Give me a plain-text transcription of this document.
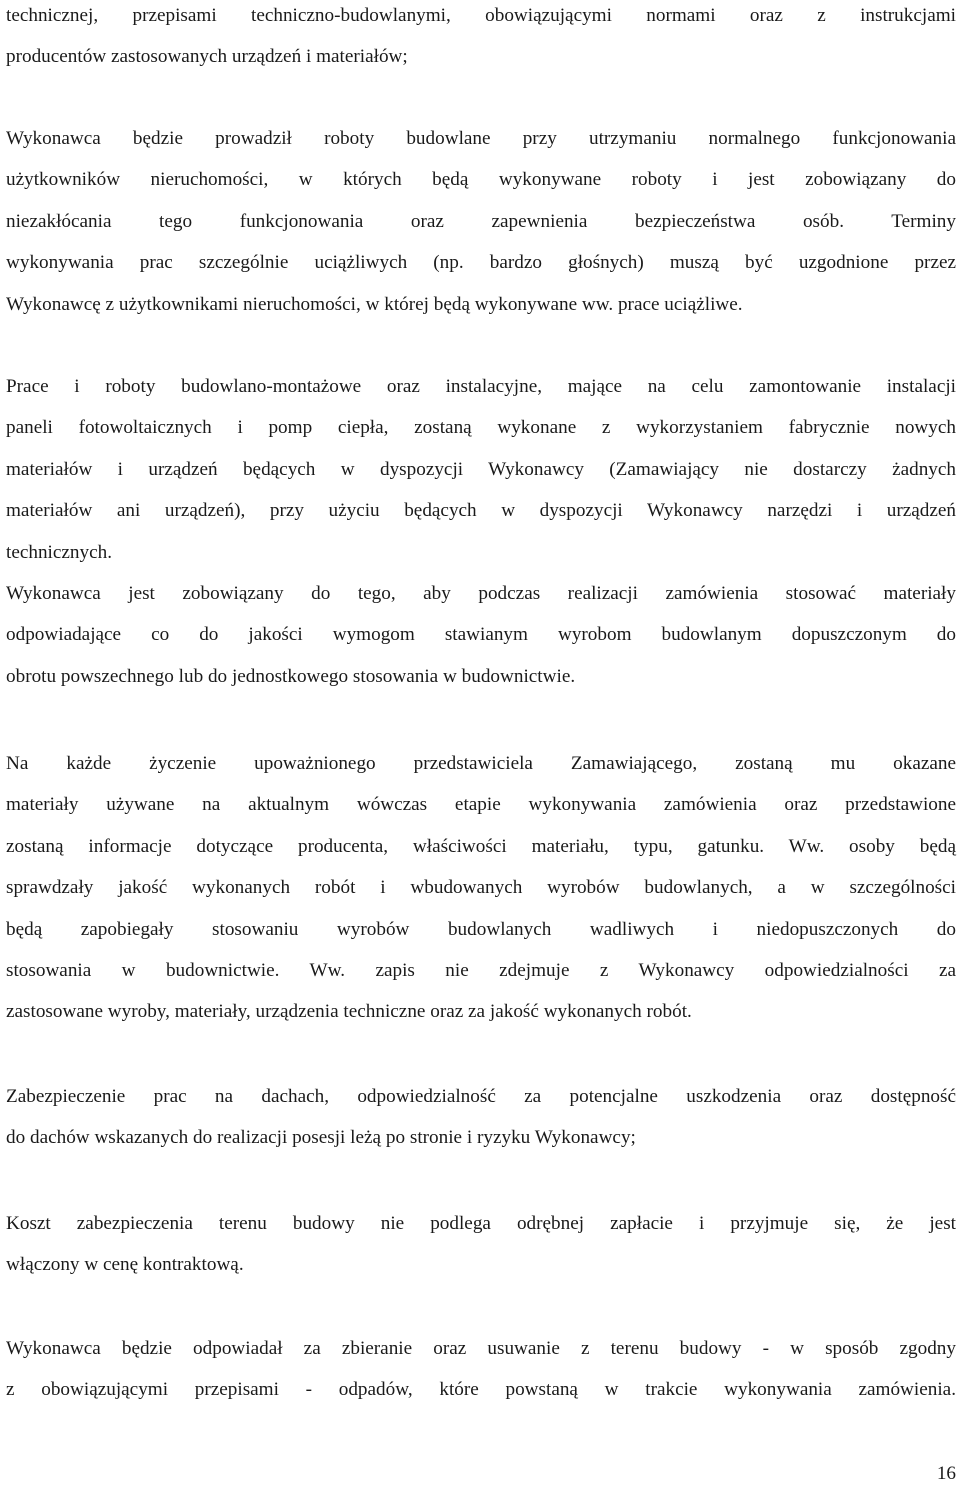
technicznej, przepisami techniczno-budowlanymi, obowiązującymi normami oraz z instrukcjami
producentów zastosowanych urządzeń i materiałów;
Wykonawca będzie prowadził roboty budowlane przy utrzymaniu normalnego funkcjonowania
użytkowników nieruchomości, w których będą wykonywane roboty i jest zobowiązany do
niezakłócania tego funkcjonowania oraz zapewnienia bezpieczeństwa osób. Terminy
wykonywania prac szczególnie uciążliwych (np. bardzo głośnych) muszą być uzgodnione przez
Wykonawcę z użytkownikami nieruchomości, w której będą wykonywane ww. prace uciążliwe.
Prace i roboty budowlano-montażowe oraz instalacyjne, mające na celu zamontowanie instalacji
paneli fotowoltaicznych i pomp ciepła, zostaną wykonane z wykorzystaniem fabrycznie nowych
materiałów i urządzeń będących w dyspozycji Wykonawcy (Zamawiający nie dostarczy żadnych
materiałów ani urządzeń), przy użyciu będących w dyspozycji Wykonawcy narzędzi i urządzeń
technicznych.
Wykonawca jest zobowiązany do tego, aby podczas realizacji zamówienia stosować materiały
odpowiadające co do jakości wymogom stawianym wyrobom budowlanym dopuszczonym do
obrotu powszechnego lub do jednostkowego stosowania w budownictwie.
Na każde życzenie upoważnionego przedstawiciela Zamawiającego, zostaną mu okazane
materiały używane na aktualnym wówczas etapie wykonywania zamówienia oraz przedstawione
zostaną informacje dotyczące producenta, właściwości materiału, typu, gatunku. Ww. osoby będą
sprawdzały jakość wykonanych robót i wbudowanych wyrobów budowlanych, a w szczególności
będą zapobiegały stosowaniu wyrobów budowlanych wadliwych i niedopuszczonych do
stosowania w budownictwie. Ww. zapis nie zdejmuje z Wykonawcy odpowiedzialności za
zastosowane wyroby, materiały, urządzenia techniczne oraz za jakość wykonanych robót.
Zabezpieczenie prac na dachach, odpowiedzialność za potencjalne uszkodzenia oraz dostępność
do dachów wskazanych do realizacji posesji leżą po stronie i ryzyku Wykonawcy;
Koszt zabezpieczenia terenu budowy nie podlega odrębnej zapłacie i przyjmuje się, że jest
włączony w cenę kontraktową.
Wykonawca będzie odpowiadał za zbieranie oraz usuwanie z terenu budowy - w sposób zgodny
z obowiązującymi przepisami - odpadów, które powstaną w trakcie wykonywania zamówienia.
16
